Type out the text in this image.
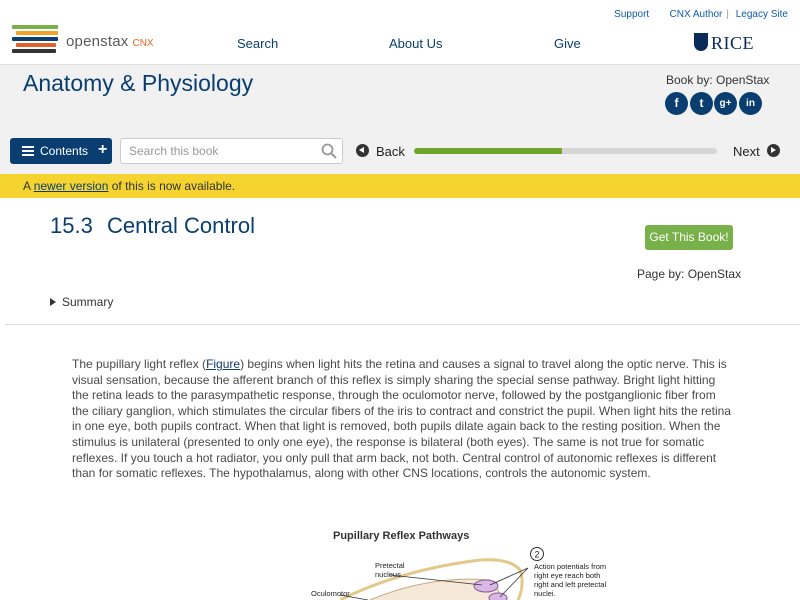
openstax CNX
Support CNX Author | Legacy Site
Search	About Us	Give	RICE
Anatomy & Physiology	Book by: OpenStax
f	t	g+	in
Contents +
Search this book	Back	Next
A newer version of this is now available.
15.3 Central Control	Get This Book!
Page by: OpenStax
Summary

The pupillary light reflex (Figure) begins when light hits the retina and causes a signal to travel along the optic nerve. This is visual sensation, because the afferent branch of this reflex is simply sharing the special sense pathway. Bright light hitting the retina leads to the parasympathetic response, through the oculomotor nerve, followed by the postganglionic fiber from the ciliary ganglion, which stimulates the circular fibers of the iris to contract and constrict the pupil. When light hits the retina in one eye, both pupils contract. When that light is removed, both pupils dilate again back to the resting position. When the stimulus is unilateral (presented to only one eye), the response is bilateral (both eyes). The same is not true for somatic reflexes. If you touch a hot radiator, you only pull that arm back, not both. Central control of autonomic reflexes is different than for somatic reflexes. The hypothalamus, along with other CNS locations, controls the autonomic system.

Pupillary Reflex Pathways
2
Pretectal nucleus
Oculomotor
Action potentials from right eye reach both right and left pretectal nuclei.
